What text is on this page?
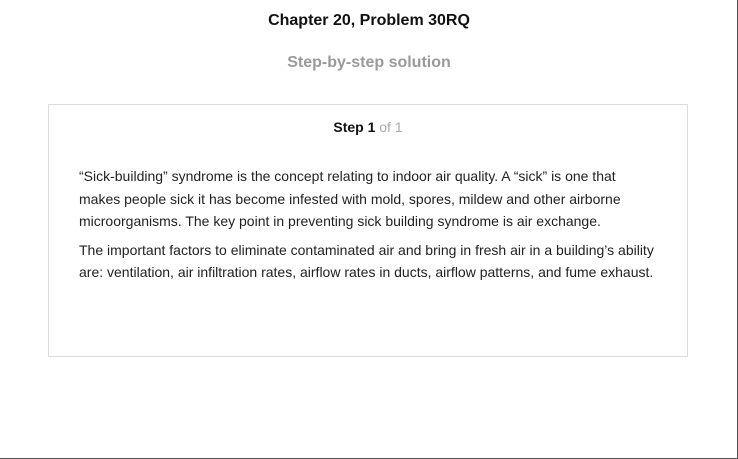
Chapter 20, Problem 30RQ
Step-by-step solution
Step 1 of 1

“Sick-building” syndrome is the concept relating to indoor air quality. A “sick” is one that makes people sick it has become infested with mold, spores, mildew and other airborne microorganisms. The key point in preventing sick building syndrome is air exchange.

The important factors to eliminate contaminated air and bring in fresh air in a building’s ability are: ventilation, air infiltration rates, airflow rates in ducts, airflow patterns, and fume exhaust.
